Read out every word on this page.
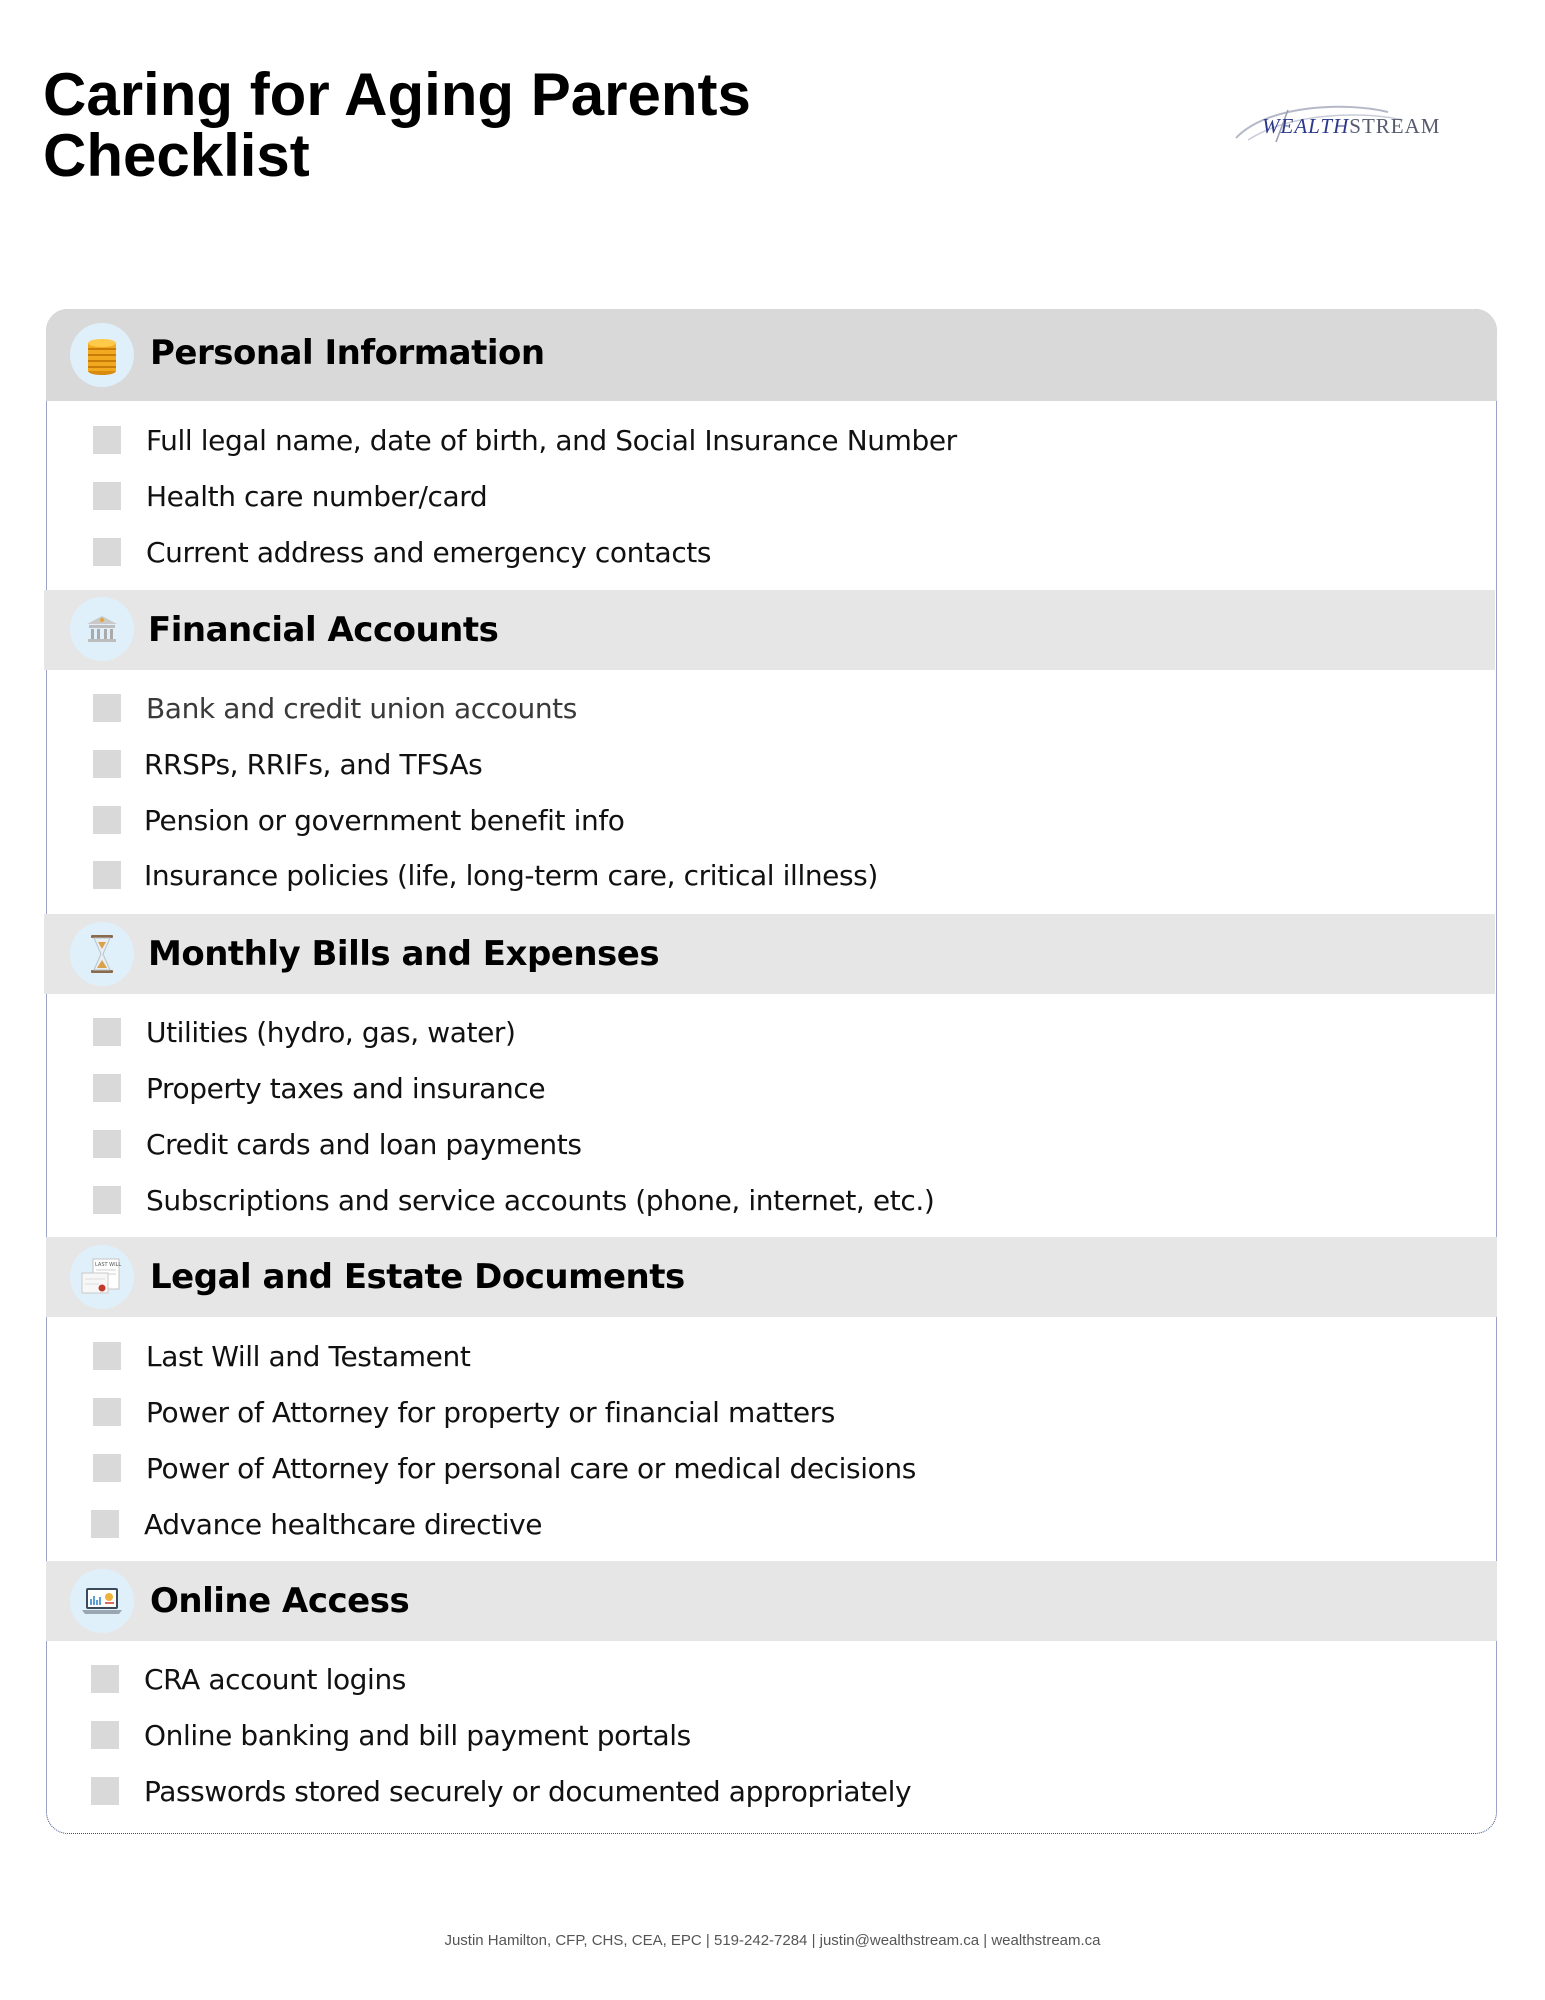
Caring for Aging Parents
Checklist	WEALTHSTREAM
Personal Information
Full legal name, date of birth, and Social Insurance Number
Health care number/card
Current address and emergency contacts
Financial Accounts
Bank and credit union accounts
RRSPs, RRIFs, and TFSAs
Pension or government benefit info
Insurance policies (life, long-term care, critical illness)
Monthly Bills and Expenses
Utilities (hydro, gas, water)
Property taxes and insurance
Credit cards and loan payments
Subscriptions and service accounts (phone, internet, etc.)
LAST WILL Legal and Estate Documents
Last Will and Testament
Power of Attorney for property or financial matters
Power of Attorney for personal care or medical decisions
Advance healthcare directive
Online Access
CRA account logins
Online banking and bill payment portals
Passwords stored securely or documented appropriately
Justin Hamilton, CFP, CHS, CEA, EPC | 519-242-7284 | justin@wealthstream.ca | wealthstream.ca
